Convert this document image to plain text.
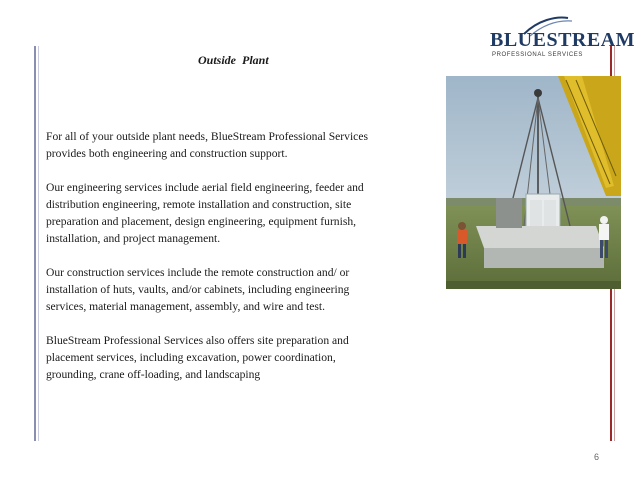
BLUESTREAM
PROFESSIONAL SERVICES
Outside  Plant

For all of your outside plant needs, BlueStream Professional Services
provides both engineering and construction support.

Our engineering services include aerial field engineering, feeder and
distribution engineering, remote installation and construction, site
preparation and placement, design engineering, equipment furnish,
installation, and project management.

Our construction services include the remote construction and/ or
installation of huts, vaults, and/or cabinets, including engineering
services, material management, assembly, and wire and test.

BlueStream Professional Services also offers site preparation and
placement services, including excavation, power coordination,
grounding, crane off-loading, and landscaping

6
